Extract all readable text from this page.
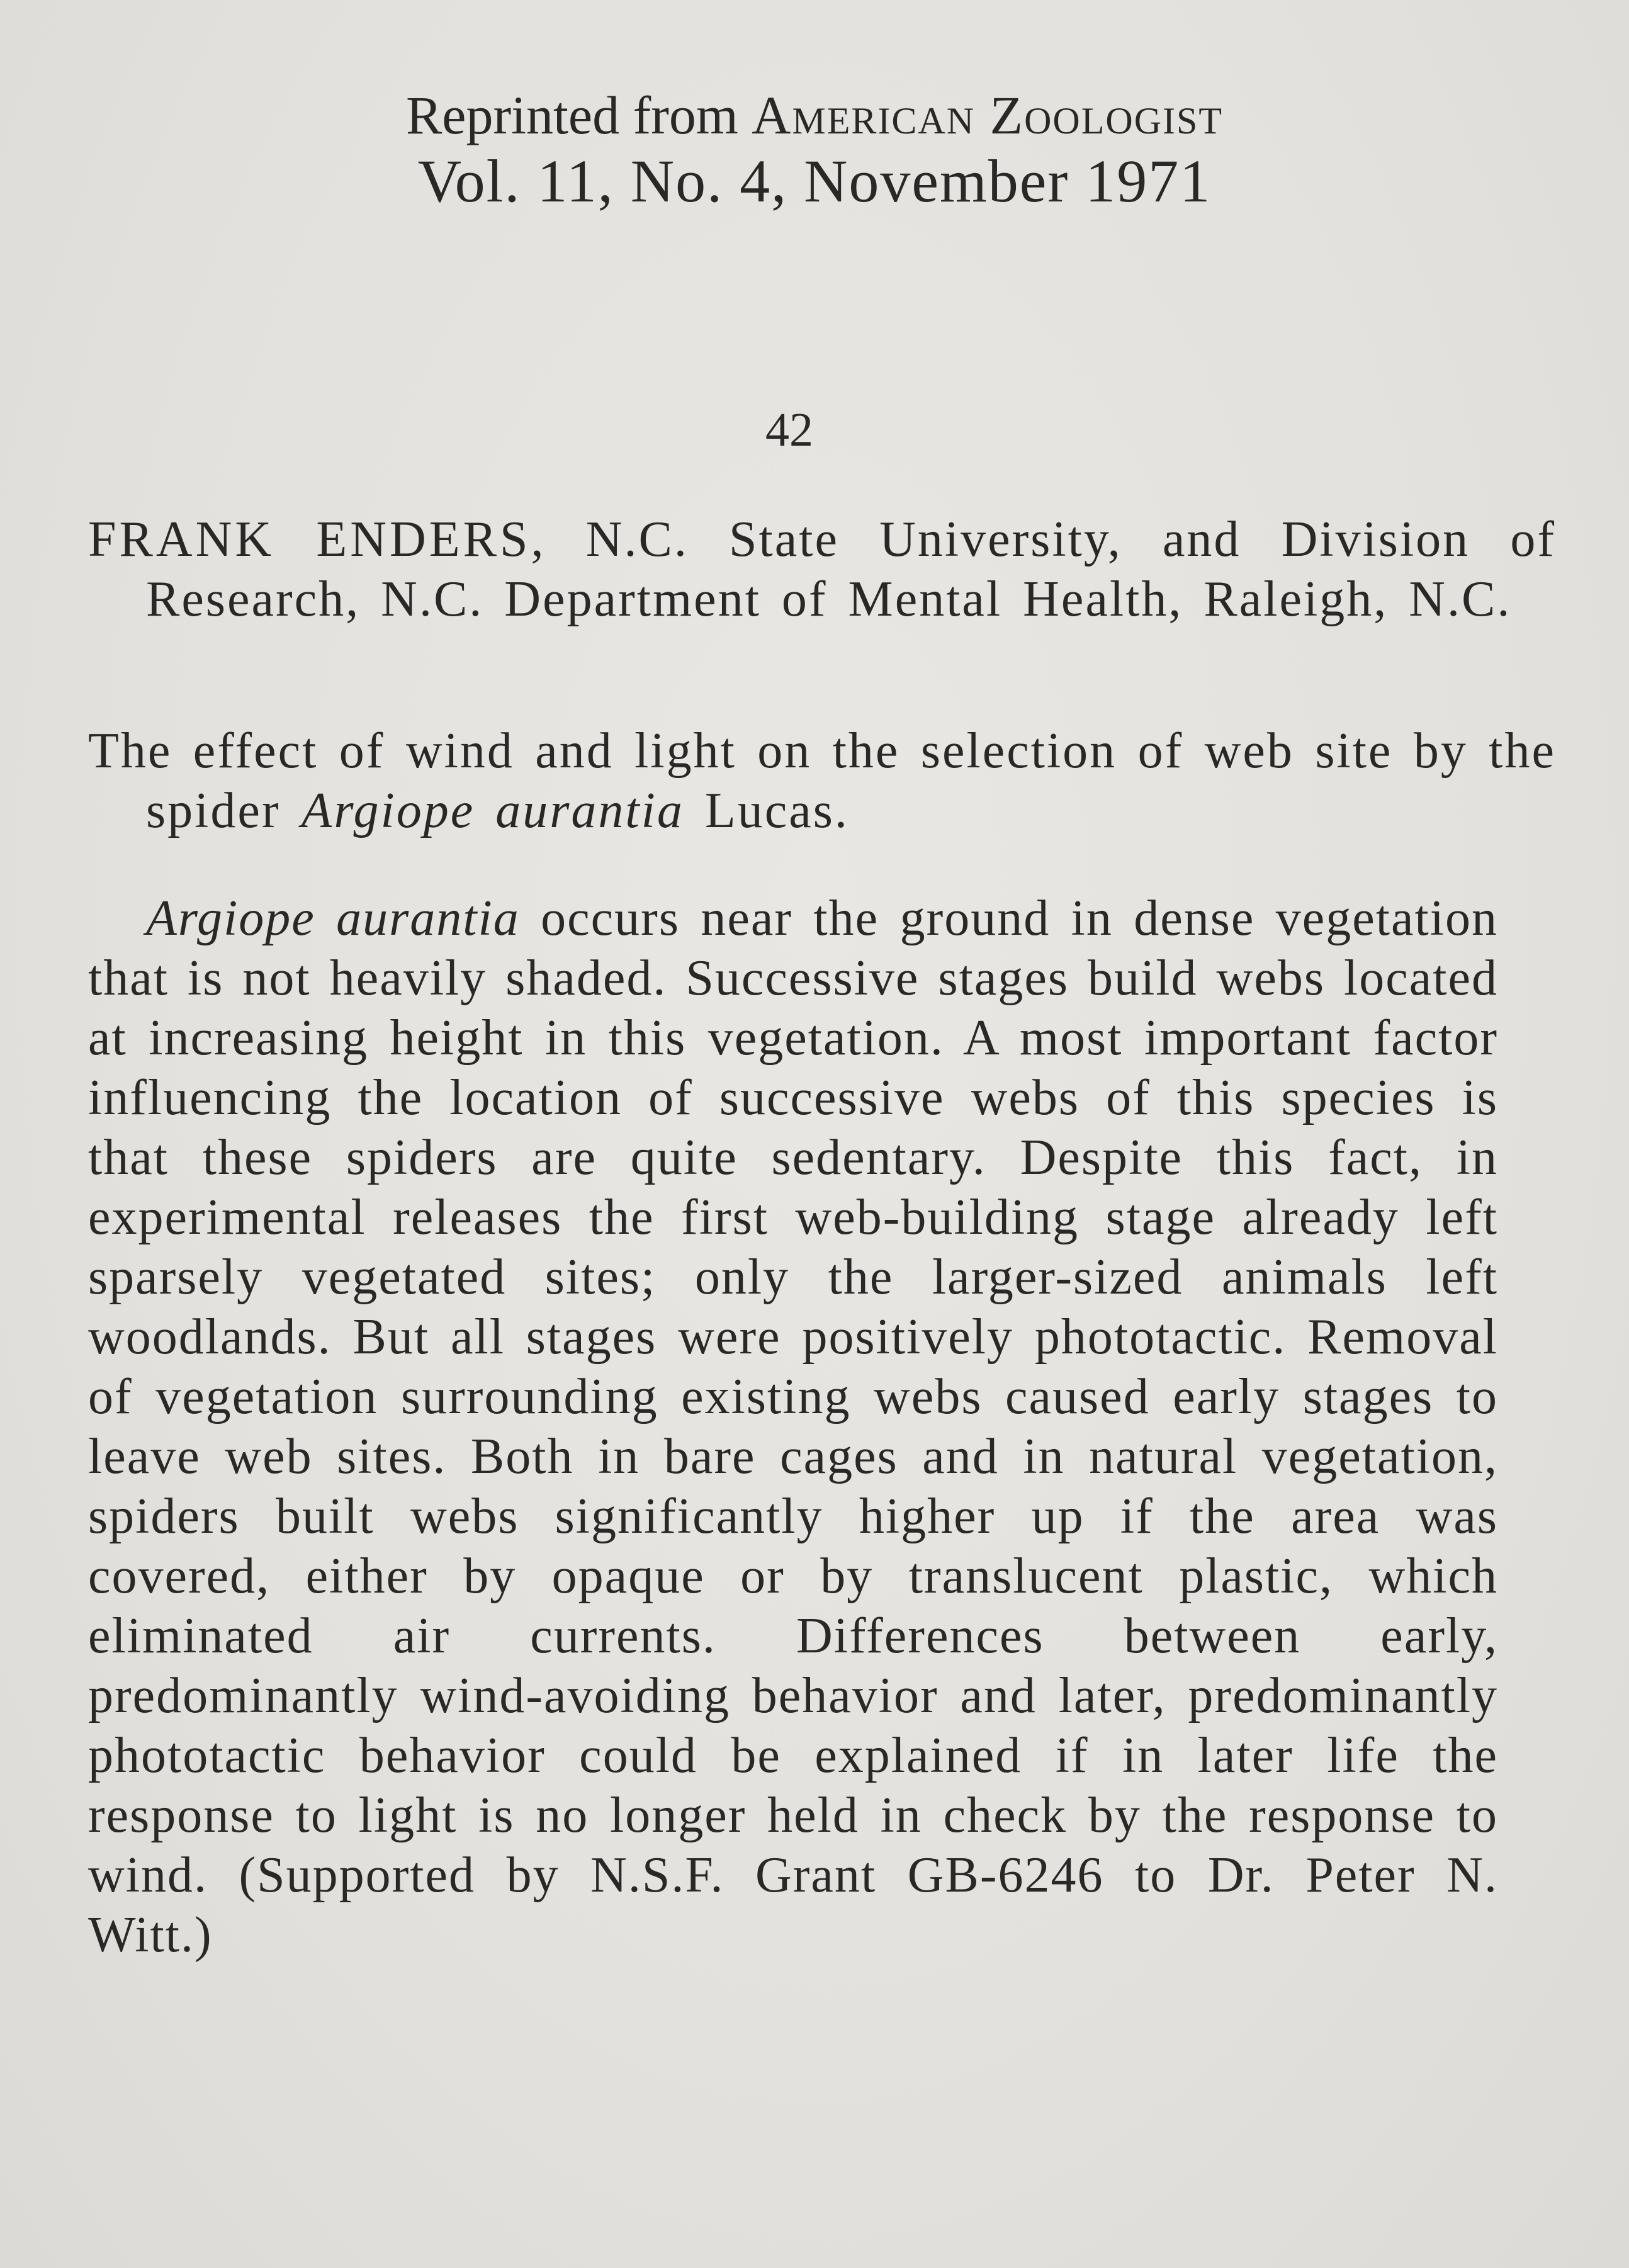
Reprinted from American Zoologist
Vol. 11, No. 4, November 1971
42

FRANK ENDERS, N.C. State University, and Division of Research, N.C. Department of Mental Health, Raleigh, N.C.

The effect of wind and light on the selection of web site by the spider Argiope aurantia Lucas.

Argiope aurantia occurs near the ground in dense vegetation that is not heavily shaded. Successive stages build webs located at increasing height in this vegetation. A most important factor influencing the location of successive webs of this species is that these spiders are quite sedentary. Despite this fact, in experimental releases the first web-building stage already left sparsely vegetated sites; only the larger-sized animals left woodlands. But all stages were positively phototactic. Removal of vegetation surrounding existing webs caused early stages to leave web sites. Both in bare cages and in natural vegetation, spiders built webs significantly higher up if the area was covered, either by opaque or by translucent plastic, which eliminated air currents. Differences between early, predominantly wind-avoiding behavior and later, predominantly phototactic behavior could be explained if in later life the response to light is no longer held in check by the response to wind. (Supported by N.S.F. Grant GB-6246 to Dr. Peter N. Witt.)
